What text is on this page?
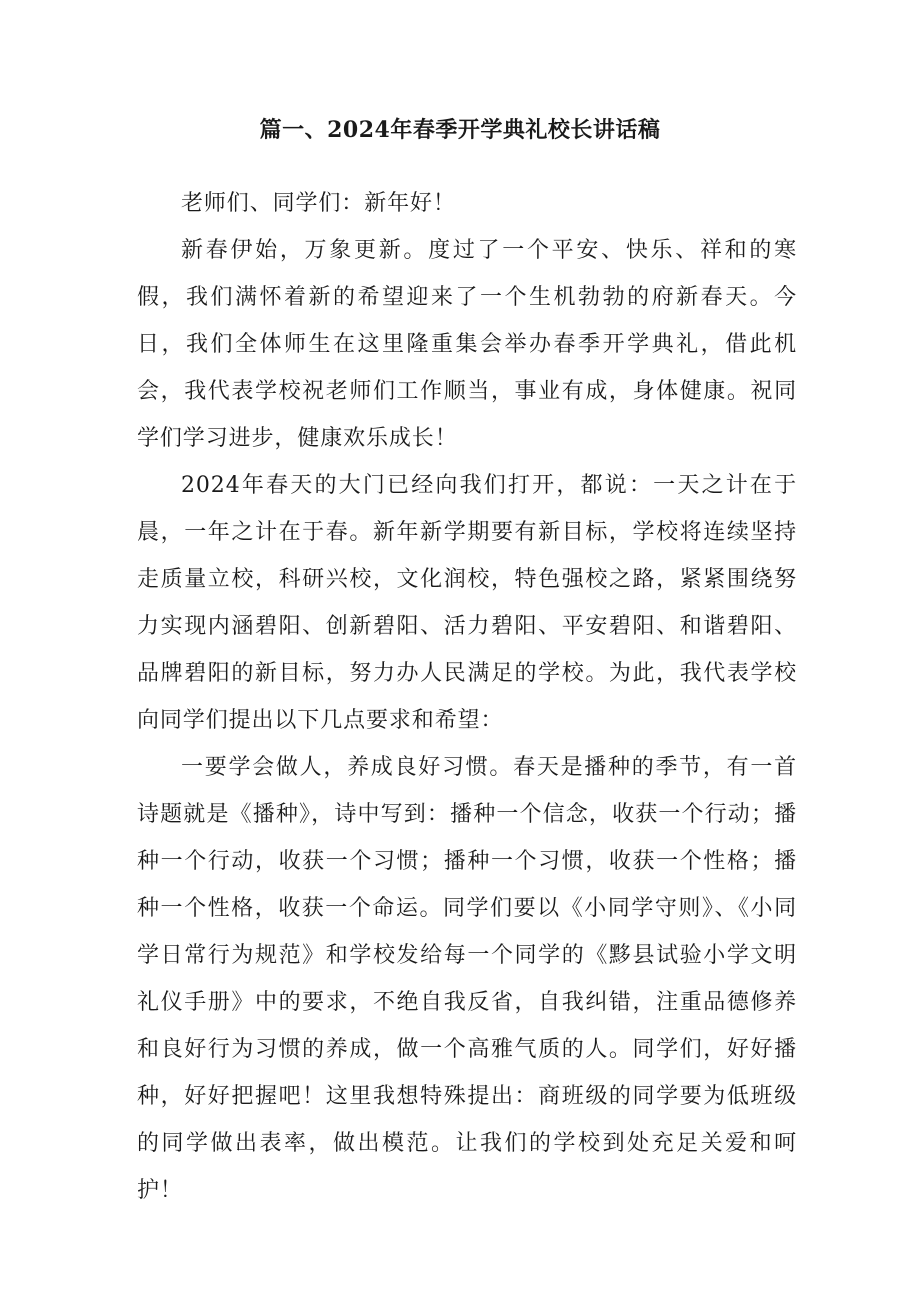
篇一、2024年春季开学典礼校长讲话稿

老师们、同学们：新年好！

新春伊始，万象更新。度过了一个平安、快乐、祥和的寒假，我们满怀着新的希望迎来了一个生机勃勃的府新春天。今日，我们全体师生在这里隆重集会举办春季开学典礼，借此机会，我代表学校祝老师们工作顺当，事业有成，身体健康。祝同学们学习进步，健康欢乐成长！

2024年春天的大门已经向我们打开，都说：一天之计在于晨，一年之计在于春。新年新学期要有新目标，学校将连续坚持走质量立校，科研兴校，文化润校，特色强校之路，紧紧围绕努力实现内涵碧阳、创新碧阳、活力碧阳、平安碧阳、和谐碧阳、品牌碧阳的新目标，努力办人民满足的学校。为此，我代表学校向同学们提出以下几点要求和希望：

一要学会做人，养成良好习惯。春天是播种的季节，有一首诗题就是《播种》，诗中写到：播种一个信念，收获一个行动；播种一个行动，收获一个习惯；播种一个习惯，收获一个性格；播种一个性格，收获一个命运。同学们要以《小同学守则》、《小同学日常行为规范》和学校发给每一个同学的《黟县试验小学文明礼仪手册》中的要求，不绝自我反省，自我纠错，注重品德修养和良好行为习惯的养成，做一个高雅气质的人。同学们，好好播种，好好把握吧！这里我想特殊提出：商班级的同学要为低班级的同学做出表率，做出模范。让我们的学校到处充足关爱和呵护！
